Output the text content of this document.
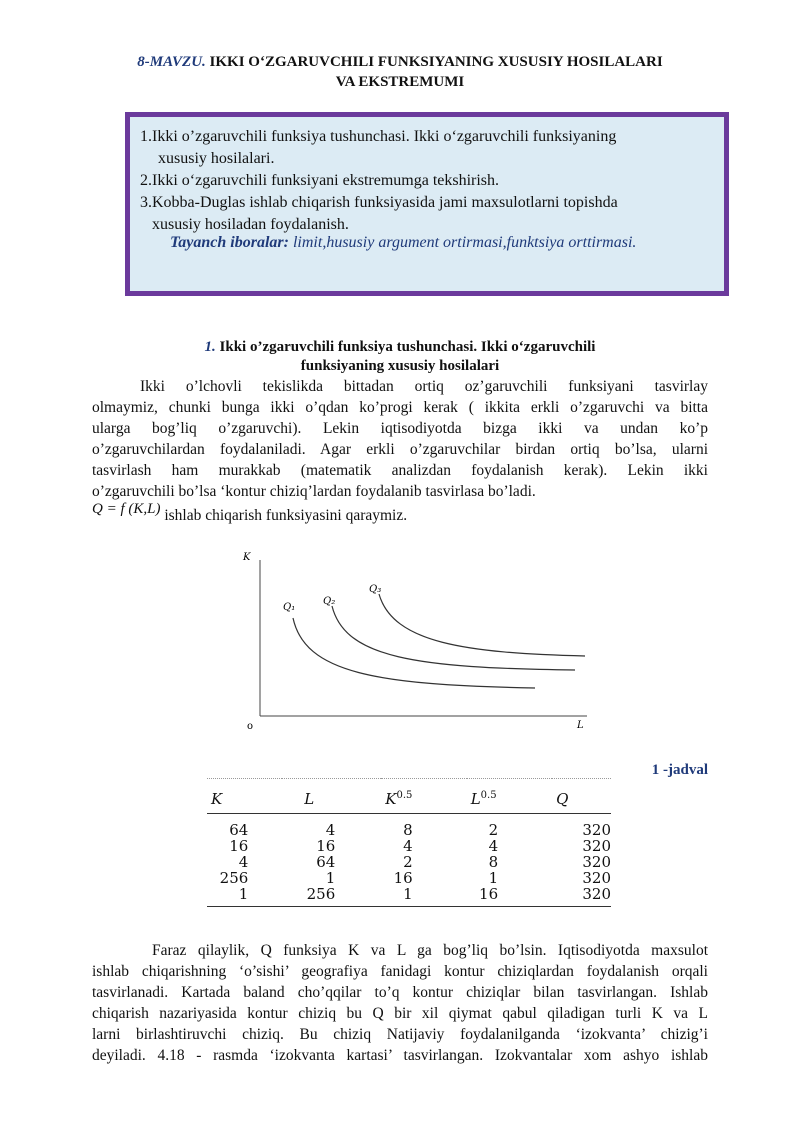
8-MAVZU. IKKI O‘ZGARUVCHILI FUNKSIYANING XUSUSIY HOSILALARI
VA EKSTREMUMI
1.Ikki o’zgaruvchili funksiya tushunchasi. Ikki o‘zgaruvchili funksiyaning
xususiy hosilalari.
2.Ikki o‘zgaruvchili funksiyani ekstremumga tekshirish.
3.Kobba-Duglas ishlab chiqarish funksiyasida jami maxsulotlarni topishda
xususiy hosiladan foydalanish.
Tayanch iboralar: limit,hususiy argument ortirmasi,funktsiya orttirmasi.
1. Ikki o’zgaruvchili funksiya tushunchasi. Ikki o‘zgaruvchili
funksiyaning xususiy hosilalari
Ikki o’lchovli tekislikda bittadan ortiq oz’garuvchili funksiyani tasvirlay
olmaymiz, chunki bunga ikki o’qdan ko’progi kerak ( ikkita erkli o’zgaruvchi va bitta
ularga bog’liq o’zgaruvchi). Lekin iqtisodiyotda bizga ikki va undan ko’p
o’zgaruvchilardan foydalaniladi. Agar erkli o’zgaruvchilar birdan ortiq bo’lsa, ularni
tasvirlash ham murakkab (matematik analizdan foydalanish kerak). Lekin ikki
o’zgaruvchili bo’lsa ‘kontur chiziq’lardan foydalanib tasvirlasa bo’ladi.
Q = f (K,L) ishlab chiqarish funksiyasini qaraymiz.
K
L
o
Q₁
Q₂
Q₃
1 -jadval
K	L	$K^{0.5}$	$L^{0.5}$	Q
64	4	8	2	320
16	16	4	4	320
4	64	2	8	320
256	1	16	1	320
1	256	1	16	320
Faraz qilaylik, Q funksiya K va L ga bog’liq bo’lsin. Iqtisodiyotda maxsulot
ishlab chiqarishning ‘o’sishi’ geografiya fanidagi kontur chiziqlardan foydalanish orqali
tasvirlanadi. Kartada baland cho’qqilar to’q kontur chiziqlar bilan tasvirlangan. Ishlab
chiqarish nazariyasida kontur chiziq bu Q bir xil qiymat qabul qiladigan turli K va L
larni birlashtiruvchi chiziq. Bu chiziq Natijaviy foydalanilganda ‘izokvanta’ chizig’i
deyiladi. 4.18 - rasmda ‘izokvanta kartasi’ tasvirlangan. Izokvantalar xom ashyo ishlab
